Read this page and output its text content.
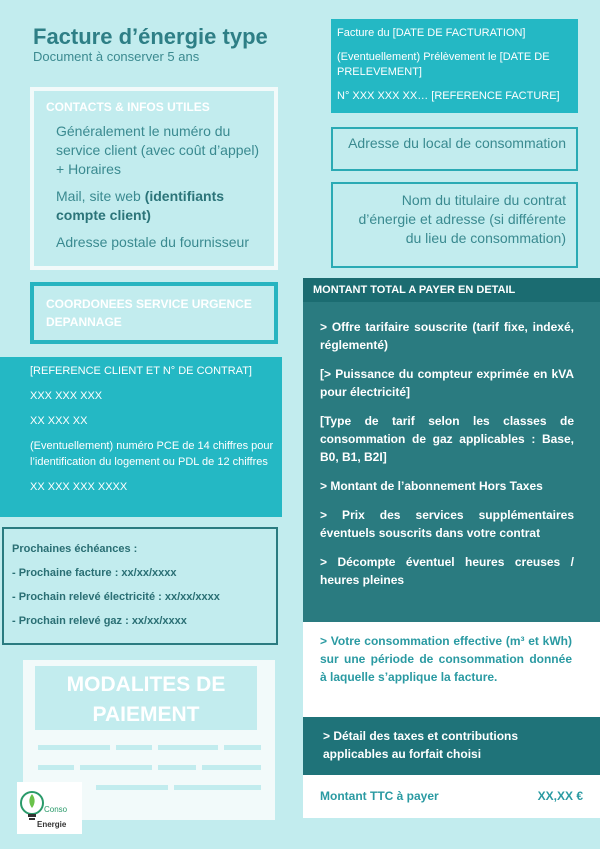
Facture d’énergie type
Document à conserver 5 ans

Facture du [DATE DE FACTURATION]

(Eventuellement) Prélèvement le [DATE DE PRELEVEMENT]

N° XXX XXX XX… [REFERENCE FACTURE]

Adresse du local de consommation
Nom du titulaire du contrat d’énergie et adresse (si différente du lieu de consommation)
CONTACTS & INFOS UTILES
Généralement le numéro du service client (avec coût d’appel) + Horaires
Mail, site web (identifiants compte client)
Adresse postale du fournisseur
COORDONEES SERVICE URGENCE DEPANNAGE

[REFERENCE CLIENT ET N° DE CONTRAT]

XXX XXX XXX

XX XXX XX

(Eventuellement) numéro PCE de 14 chiffres pour l’identification du logement ou PDL de 12 chiffres

XX XXX XXX XXXX

Prochaines échéances :

- Prochaine facture : xx/xx/xxxx

- Prochain relevé électricité : xx/xx/xxxx

- Prochain relevé gaz : xx/xx/xxxx

MODALITES DE PAIEMENT
Conso
Energie
MONTANT TOTAL A PAYER EN DETAIL

> Offre tarifaire souscrite (tarif fixe, indexé, réglementé)

[> Puissance du compteur exprimée en kVA pour électricité]

[Type de tarif selon les classes de consommation de gaz applicables : Base, B0, B1, B2I]

> Montant de l’abonnement Hors Taxes

> Prix des services supplémentaires éventuels souscrits dans votre contrat

> Décompte éventuel heures creuses / heures pleines

> Votre consommation effective (m³ et kWh) sur une période de consommation donnée à laquelle s’applique la facture.
> Détail des taxes et contributions applicables au forfait choisi
Montant TTC à payer	XX,XX €
